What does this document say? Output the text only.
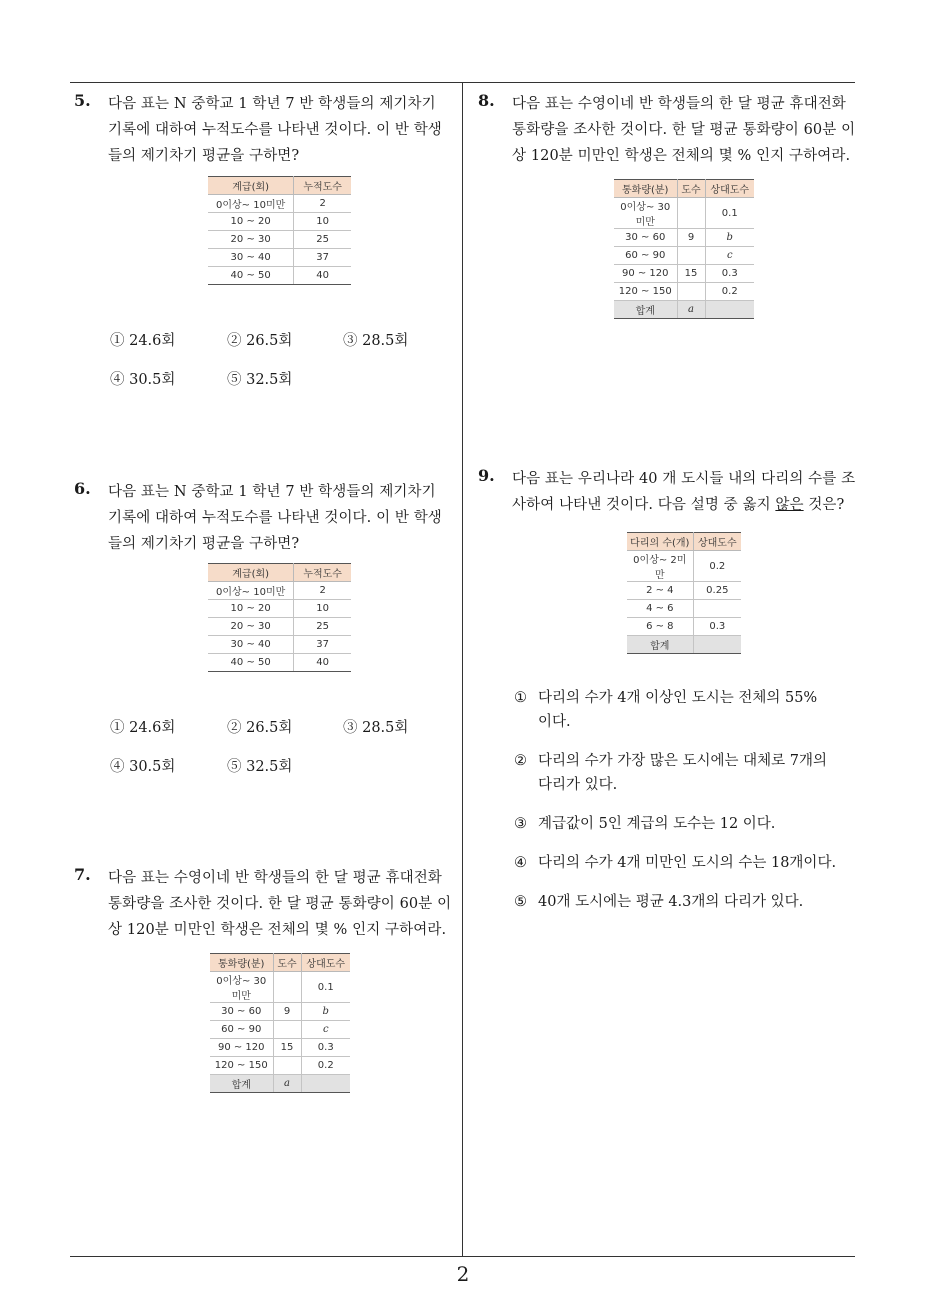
5. 다음 표는 N 중학교 1 학년 7 반 학생들의 제기차기
기록에 대하여 누적도수를 나타낸 것이다. 이 반 학생
들의 제기차기 평균을 구하면?
계급(회)	누적도수
0이상~ 10미만	2
10 ~ 20	10
20 ~ 30	25
30 ~ 40	37
40 ~ 50	40
① 24.6회	② 26.5회	③ 28.5회
④ 30.5회	⑤ 32.5회
6. 다음 표는 N 중학교 1 학년 7 반 학생들의 제기차기
기록에 대하여 누적도수를 나타낸 것이다. 이 반 학생
들의 제기차기 평균을 구하면?
계급(회)	누적도수
0이상~ 10미만	2
10 ~ 20	10
20 ~ 30	25
30 ~ 40	37
40 ~ 50	40
① 24.6회	② 26.5회	③ 28.5회
④ 30.5회	⑤ 32.5회
7. 다음 표는 수영이네 반 학생들의 한 달 평균 휴대전화
통화량을 조사한 것이다. 한 달 평균 통화량이 60분 이
상 120분 미만인 학생은 전체의 몇 % 인지 구하여라.
통화량(분)	도수	상대도수
0이상~ 30미만		0.1
30 ~ 60	9	b
60 ~ 90		c
90 ~ 120	15	0.3
120 ~ 150		0.2
합계	a	
8. 다음 표는 수영이네 반 학생들의 한 달 평균 휴대전화
통화량을 조사한 것이다. 한 달 평균 통화량이 60분 이
상 120분 미만인 학생은 전체의 몇 % 인지 구하여라.
통화량(분)	도수	상대도수
0이상~ 30미만		0.1
30 ~ 60	9	b
60 ~ 90		c
90 ~ 120	15	0.3
120 ~ 150		0.2
합계	a	
9. 다음 표는 우리나라 40 개 도시들 내의 다리의 수를 조
사하여 나타낸 것이다. 다음 설명 중 옳지 않은 것은?
다리의 수(개)	상대도수
0이상~ 2미만	0.2
2 ~ 4	0.25
4 ~ 6	
6 ~ 8	0.3
합계	
① 다리의 수가 4개 이상인 도시는 전체의 55%
이다.
② 다리의 수가 가장 많은 도시에는 대체로 7개의
다리가 있다.
③ 계급값이 5인 계급의 도수는 12 이다.
④ 다리의 수가 4개 미만인 도시의 수는 18개이다.
⑤ 40개 도시에는 평균 4.3개의 다리가 있다.
2
